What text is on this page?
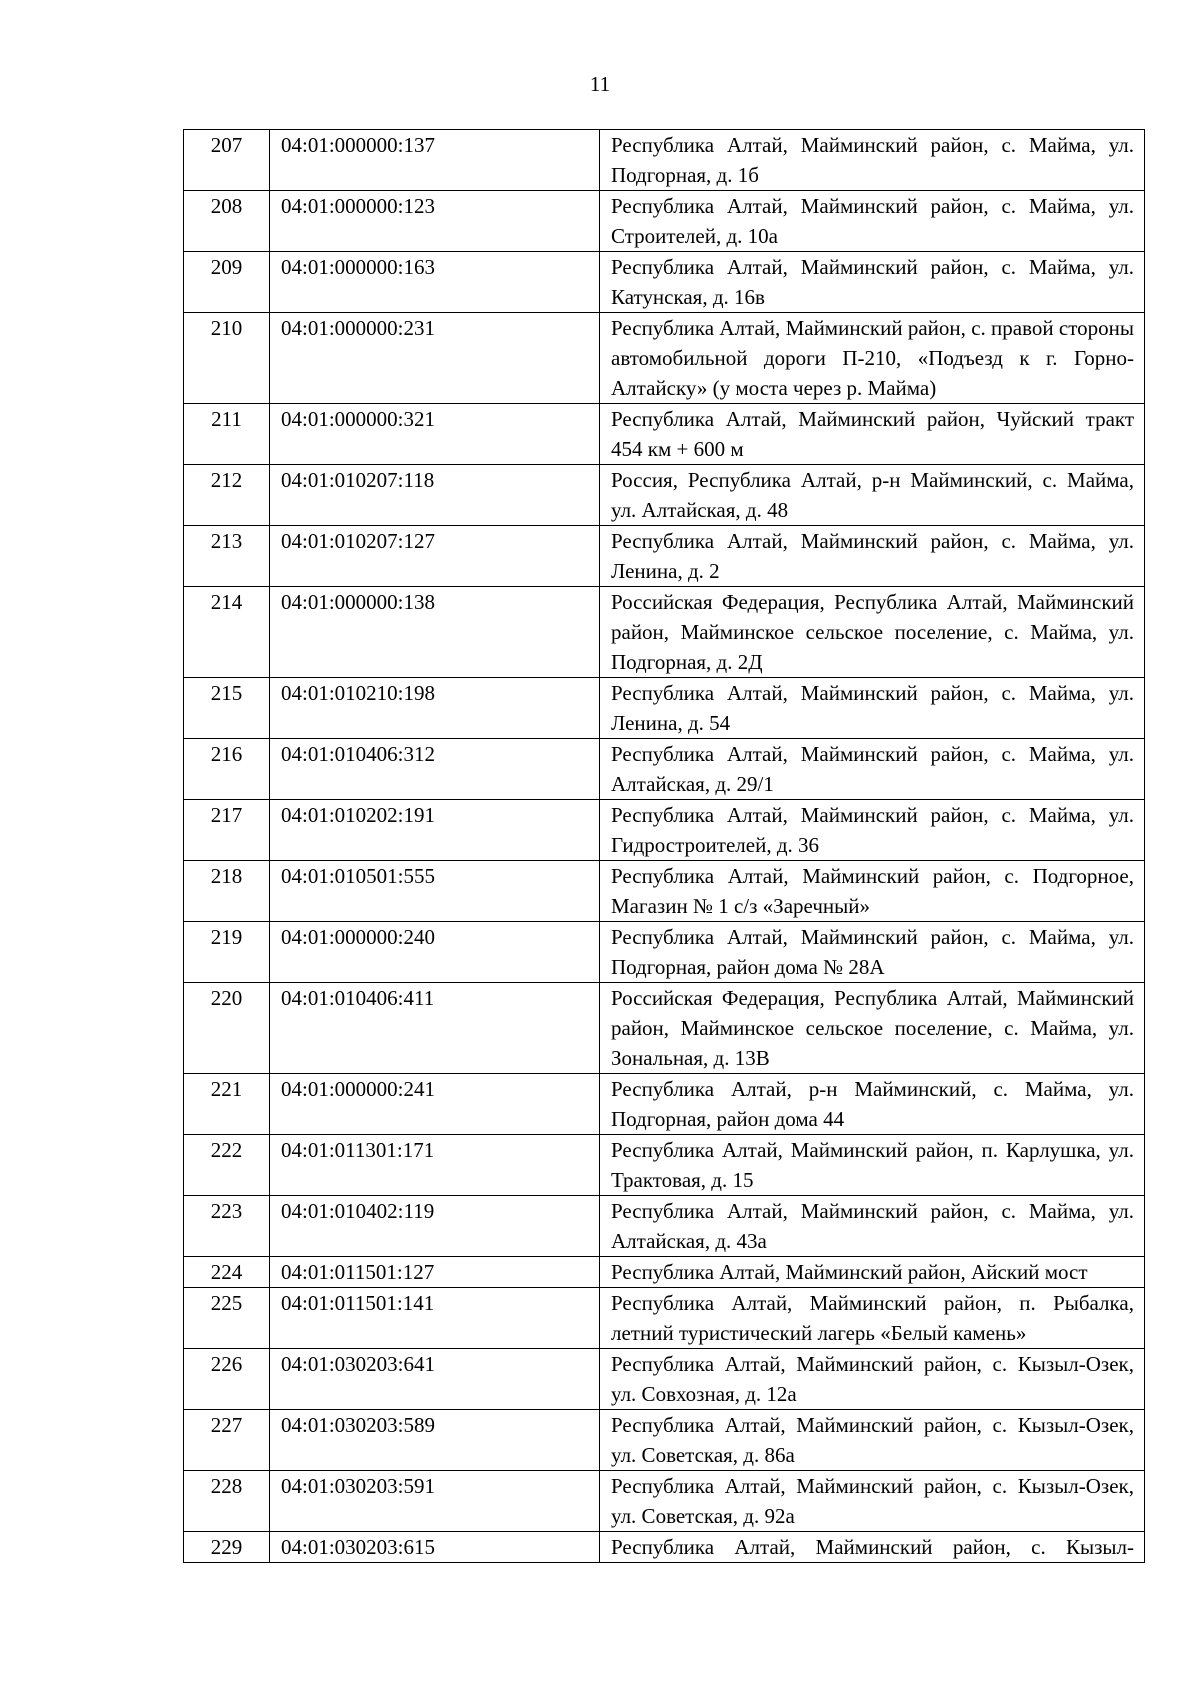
11
207	04:01:000000:137	Республика Алтай, Майминский район, с. Майма, ул. Подгорная, д. 1б

208	04:01:000000:123	Республика Алтай, Майминский район, с. Майма, ул. Строителей, д. 10а

209	04:01:000000:163	Республика Алтай, Майминский район, с. Майма, ул. Катунская, д. 16в

210	04:01:000000:231	Республика Алтай, Майминский район, с. правой стороны автомобильной дороги П-210, «Подъезд к г. Горно-Алтайску» (у моста через р. Майма)

211	04:01:000000:321	Республика Алтай, Майминский район, Чуйский тракт 454 км + 600 м

212	04:01:010207:118	Россия, Республика Алтай, р-н Майминский, с. Майма, ул. Алтайская, д. 48

213	04:01:010207:127	Республика Алтай, Майминский район, с. Майма, ул. Ленина, д. 2

214	04:01:000000:138	Российская Федерация, Республика Алтай, Майминский район, Майминское сельское поселение, с. Майма, ул. Подгорная, д. 2Д

215	04:01:010210:198	Республика Алтай, Майминский район, с. Майма, ул. Ленина, д. 54

216	04:01:010406:312	Республика Алтай, Майминский район, с. Майма, ул. Алтайская, д. 29/1

217	04:01:010202:191	Республика Алтай, Майминский район, с. Майма, ул. Гидростроителей, д. 36

218	04:01:010501:555	Республика Алтай, Майминский район, с. Подгорное, Магазин № 1 с/з «Заречный»

219	04:01:000000:240	Республика Алтай, Майминский район, с. Майма, ул. Подгорная, район дома № 28А

220	04:01:010406:411	Российская Федерация, Республика Алтай, Майминский район, Майминское сельское поселение, с. Майма, ул. Зональная, д. 13В

221	04:01:000000:241	Республика Алтай, р-н Майминский, с. Майма, ул. Подгорная, район дома 44

222	04:01:011301:171	Республика Алтай, Майминский район, п. Карлушка, ул. Трактовая, д. 15

223	04:01:010402:119	Республика Алтай, Майминский район, с. Майма, ул. Алтайская, д. 43а

224	04:01:011501:127	Республика Алтай, Майминский район, Айский мост

225	04:01:011501:141	Республика Алтай, Майминский район, п. Рыбалка, летний туристический лагерь «Белый камень»

226	04:01:030203:641	Республика Алтай, Майминский район, с. Кызыл-Озек, ул. Совхозная, д. 12а

227	04:01:030203:589	Республика Алтай, Майминский район, с. Кызыл-Озек, ул. Советская, д. 86а

228	04:01:030203:591	Республика Алтай, Майминский район, с. Кызыл-Озек, ул. Советская, д. 92а

229	04:01:030203:615	Республика Алтай, Майминский район, с. Кызыл-
